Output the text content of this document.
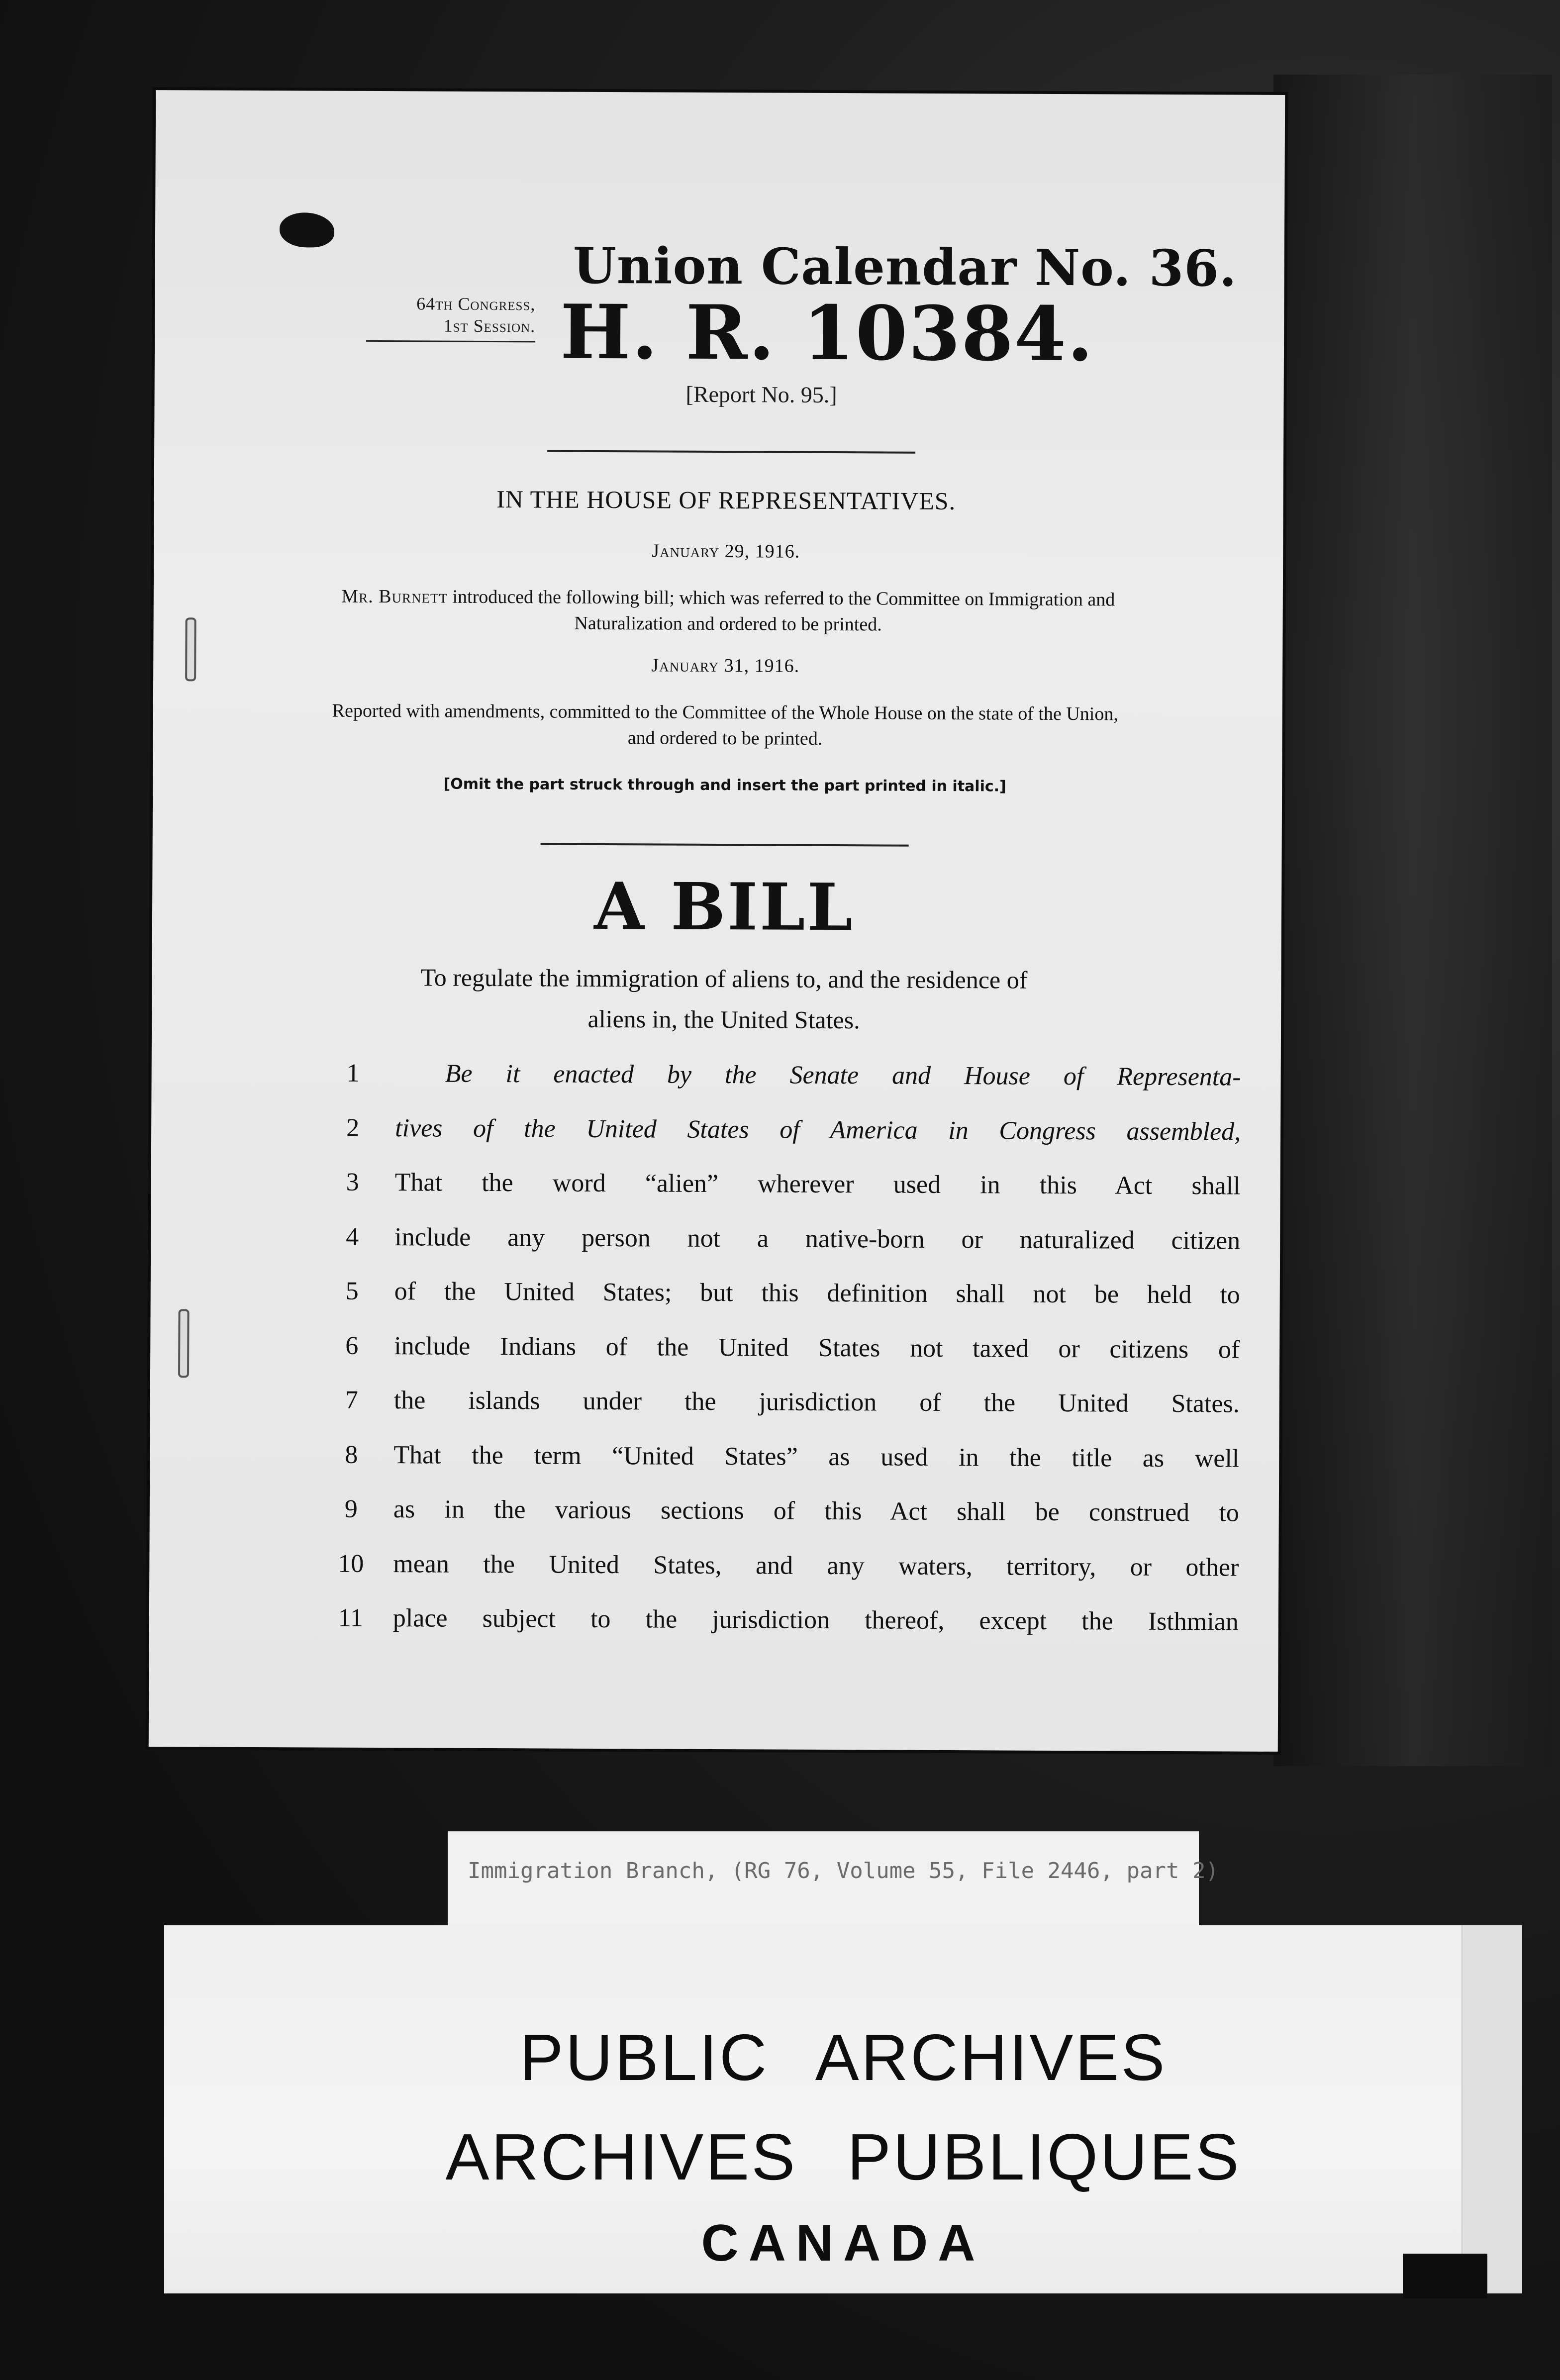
64th Congress,
1st Session.
Union Calendar No. 36.
H. R. 10384.
[Report No. 95.]
IN THE HOUSE OF REPRESENTATIVES.
January 29, 1916.
Mr. Burnett introduced the following bill; which was referred to the Committee on Immigration and Naturalization and ordered to be printed.
January 31, 1916.
Reported with amendments, committed to the Committee of the Whole House on the state of the Union, and ordered to be printed.
[Omit the part struck through and insert the part printed in italic.]
A BILL
To regulate the immigration of aliens to, and the residence of
aliens in, the United States.
1	Be it enacted by the Senate and House of Representa-
2	tives of the United States of America in Congress assembled,
3	That the word “alien” wherever used in this Act shall
4	include any person not a native-born or naturalized citizen
5	of the United States; but this definition shall not be held to
6	include Indians of the United States not taxed or citizens of
7	the islands under the jurisdiction of the United States.
8	That the term “United States” as used in the title as well
9	as in the various sections of this Act shall be construed to
10	mean the United States, and any waters, territory, or other
11	place subject to the jurisdiction thereof, except the Isthmian
Immigration Branch, (RG 76, Volume 55, File 2446, part 2)
PUBLIC ARCHIVES
ARCHIVES PUBLIQUES
CANADA
